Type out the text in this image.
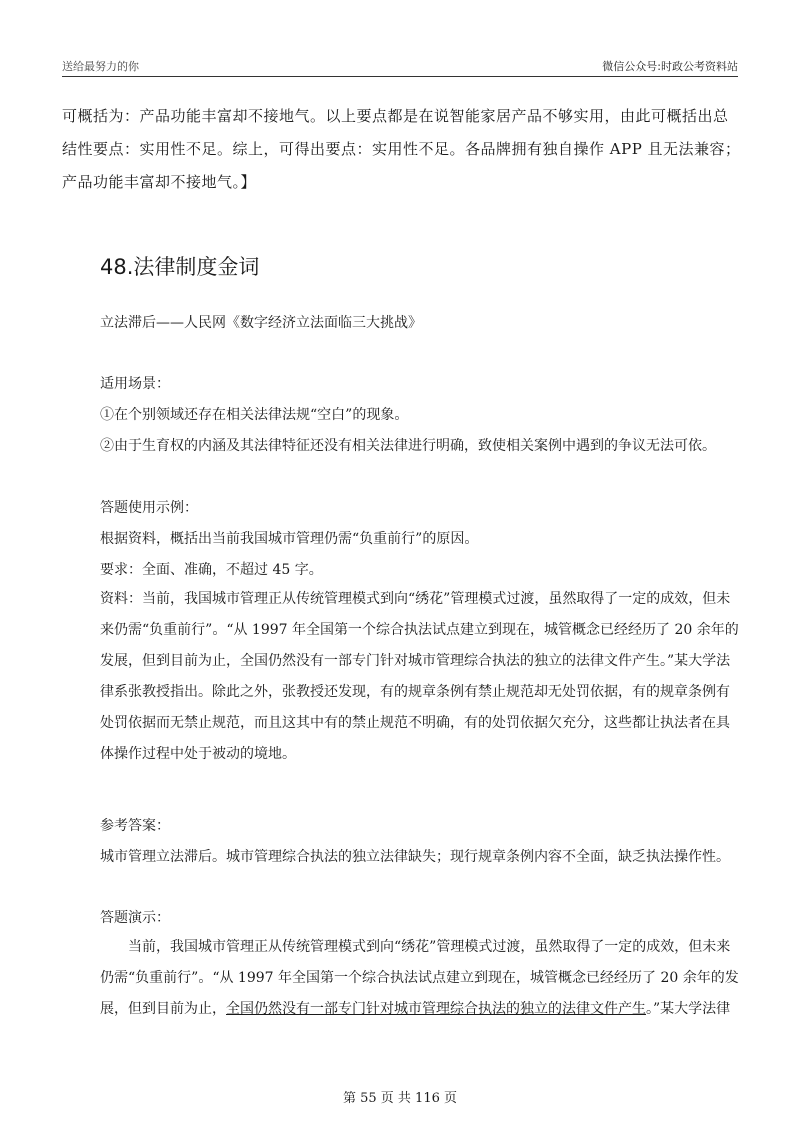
送给最努力的你	微信公众号:时政公考资料站

可概括为：产品功能丰富却不接地气。以上要点都是在说智能家居产品不够实用，由此可概括出总结性要点：实用性不足。综上，可得出要点：实用性不足。各品牌拥有独自操作 APP 且无法兼容；产品功能丰富却不接地气。】

48.法律制度金词

立法滞后——人民网《数字经济立法面临三大挑战》

适用场景：

①在个别领域还存在相关法律法规“空白”的现象。

②由于生育权的内涵及其法律特征还没有相关法律进行明确，致使相关案例中遇到的争议无法可依。

答题使用示例：

根据资料，概括出当前我国城市管理仍需“负重前行”的原因。

要求：全面、准确，不超过 45 字。

资料：当前，我国城市管理正从传统管理模式到向“绣花”管理模式过渡，虽然取得了一定的成效，但未来仍需“负重前行”。“从 1997 年全国第一个综合执法试点建立到现在，城管概念已经经历了 20 余年的发展，但到目前为止，全国仍然没有一部专门针对城市管理综合执法的独立的法律文件产生。”某大学法律系张教授指出。除此之外，张教授还发现，有的规章条例有禁止规范却无处罚依据，有的规章条例有处罚依据而无禁止规范，而且这其中有的禁止规范不明确，有的处罚依据欠充分，这些都让执法者在具体操作过程中处于被动的境地。

参考答案：

城市管理立法滞后。城市管理综合执法的独立法律缺失；现行规章条例内容不全面，缺乏执法操作性。

答题演示：

当前，我国城市管理正从传统管理模式到向“绣花”管理模式过渡，虽然取得了一定的成效，但未来仍需“负重前行”。“从 1997 年全国第一个综合执法试点建立到现在，城管概念已经经历了 20 余年的发展，但到目前为止，全国仍然没有一部专门针对城市管理综合执法的独立的法律文件产生。”某大学法律

第 55 页 共 116 页
